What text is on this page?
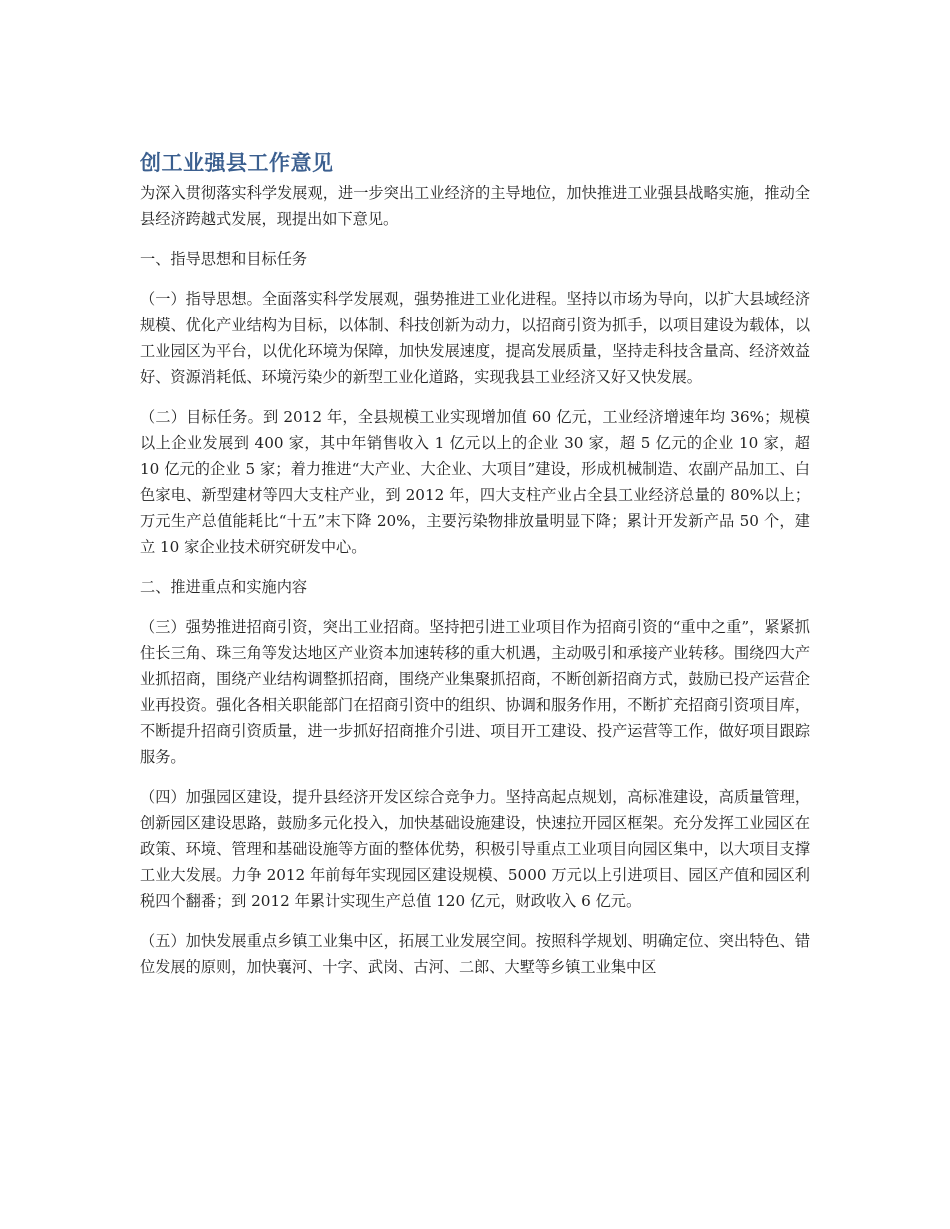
创工业强县工作意见

为深入贯彻落实科学发展观，进一步突出工业经济的主导地位，加快推进工业强县战略实施，推动全县经济跨越式发展，现提出如下意见。

一、指导思想和目标任务

（一）指导思想。全面落实科学发展观，强势推进工业化进程。坚持以市场为导向，以扩大县域经济规模、优化产业结构为目标，以体制、科技创新为动力，以招商引资为抓手，以项目建设为载体，以工业园区为平台，以优化环境为保障，加快发展速度，提高发展质量，坚持走科技含量高、经济效益好、资源消耗低、环境污染少的新型工业化道路，实现我县工业经济又好又快发展。

（二）目标任务。到 2012 年，全县规模工业实现增加值 60 亿元，工业经济增速年均 36%；规模以上企业发展到 400 家，其中年销售收入 1 亿元以上的企业 30 家，超 5 亿元的企业 10 家，超 10 亿元的企业 5 家；着力推进“大产业、大企业、大项目”建设，形成机械制造、农副产品加工、白色家电、新型建材等四大支柱产业，到 2012 年，四大支柱产业占全县工业经济总量的 80%以上；万元生产总值能耗比“十五”末下降 20%，主要污染物排放量明显下降；累计开发新产品 50 个，建立 10 家企业技术研究研发中心。

二、推进重点和实施内容

（三）强势推进招商引资，突出工业招商。坚持把引进工业项目作为招商引资的“重中之重”，紧紧抓住长三角、珠三角等发达地区产业资本加速转移的重大机遇，主动吸引和承接产业转移。围绕四大产业抓招商，围绕产业结构调整抓招商，围绕产业集聚抓招商，不断创新招商方式，鼓励已投产运营企业再投资。强化各相关职能部门在招商引资中的组织、协调和服务作用，不断扩充招商引资项目库，不断提升招商引资质量，进一步抓好招商推介引进、项目开工建设、投产运营等工作，做好项目跟踪服务。

（四）加强园区建设，提升县经济开发区综合竞争力。坚持高起点规划，高标准建设，高质量管理，创新园区建设思路，鼓励多元化投入，加快基础设施建设，快速拉开园区框架。充分发挥工业园区在政策、环境、管理和基础设施等方面的整体优势，积极引导重点工业项目向园区集中，以大项目支撑工业大发展。力争 2012 年前每年实现园区建设规模、5000 万元以上引进项目、园区产值和园区利税四个翻番；到 2012 年累计实现生产总值 120 亿元，财政收入 6 亿元。

（五）加快发展重点乡镇工业集中区，拓展工业发展空间。按照科学规划、明确定位、突出特色、错位发展的原则，加快襄河、十字、武岗、古河、二郎、大墅等乡镇工业集中区
